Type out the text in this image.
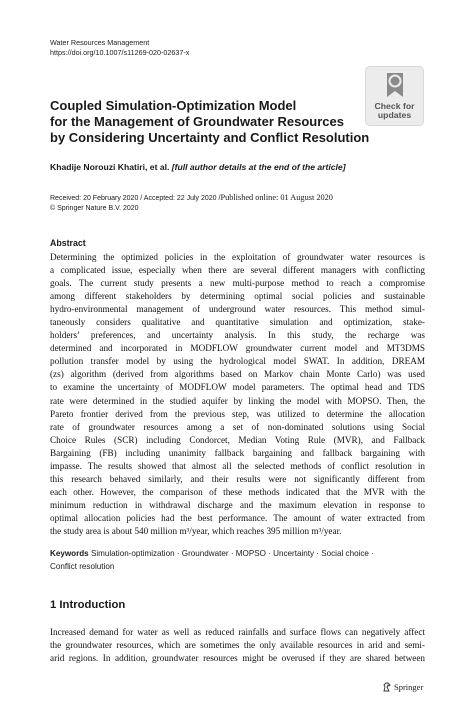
Water Resources Management
https://doi.org/10.1007/s11269-020-02637-x
Check for
updates
Coupled Simulation-Optimization Model
for the Management of Groundwater Resources
by Considering Uncertainty and Conflict Resolution
Khadije Norouzi Khatiri, et al. [full author details at the end of the article]
Received: 20 February 2020 / Accepted: 22 July 2020 /Published online: 01 August 2020
© Springer Nature B.V. 2020
Abstract
Determining the optimized policies in the exploitation of groundwater water resources is
a complicated issue, especially when there are several different managers with conflicting
goals. The current study presents a new multi-purpose method to reach a compromise
among different stakeholders by determining optimal social policies and sustainable
hydro-environmental management of underground water resources. This method simul-
taneously considers qualitative and quantitative simulation and optimization, stake-
holders’ preferences, and uncertainty analysis. In this study, the recharge was
determined and incorporated in MODFLOW groundwater current model and MT3DMS
pollution transfer model by using the hydrological model SWAT. In addition, DREAM
(zs) algorithm (derived from algorithms based on Markov chain Monte Carlo) was used
to examine the uncertainty of MODFLOW model parameters. The optimal head and TDS
rate were determined in the studied aquifer by linking the model with MOPSO. Then, the
Pareto frontier derived from the previous step, was utilized to determine the allocation
rate of groundwater resources among a set of non-dominated solutions using Social
Choice Rules (SCR) including Condorcet, Median Voting Rule (MVR), and Fallback
Bargaining (FB) including unanimity fallback bargaining and fallback bargaining with
impasse. The results showed that almost all the selected methods of conflict resolution in
this research behaved similarly, and their results were not significantly different from
each other. However, the comparison of these methods indicated that the MVR with the
minimum reduction in withdrawal discharge and the maximum elevation in response to
optimal allocation policies had the best performance. The amount of water extracted from
the study area is about 540 million m³/year, which reaches 395 million m³/year.
Keywords Simulation-optimization · Groundwater · MOPSO · Uncertainty · Social choice ·
Conflict resolution
1 Introduction
Increased demand for water as well as reduced rainfalls and surface flows can negatively affect
the groundwater resources, which are sometimes the only available resources in arid and semi-
arid regions. In addition, groundwater resources might be overused if they are shared between
Springer
